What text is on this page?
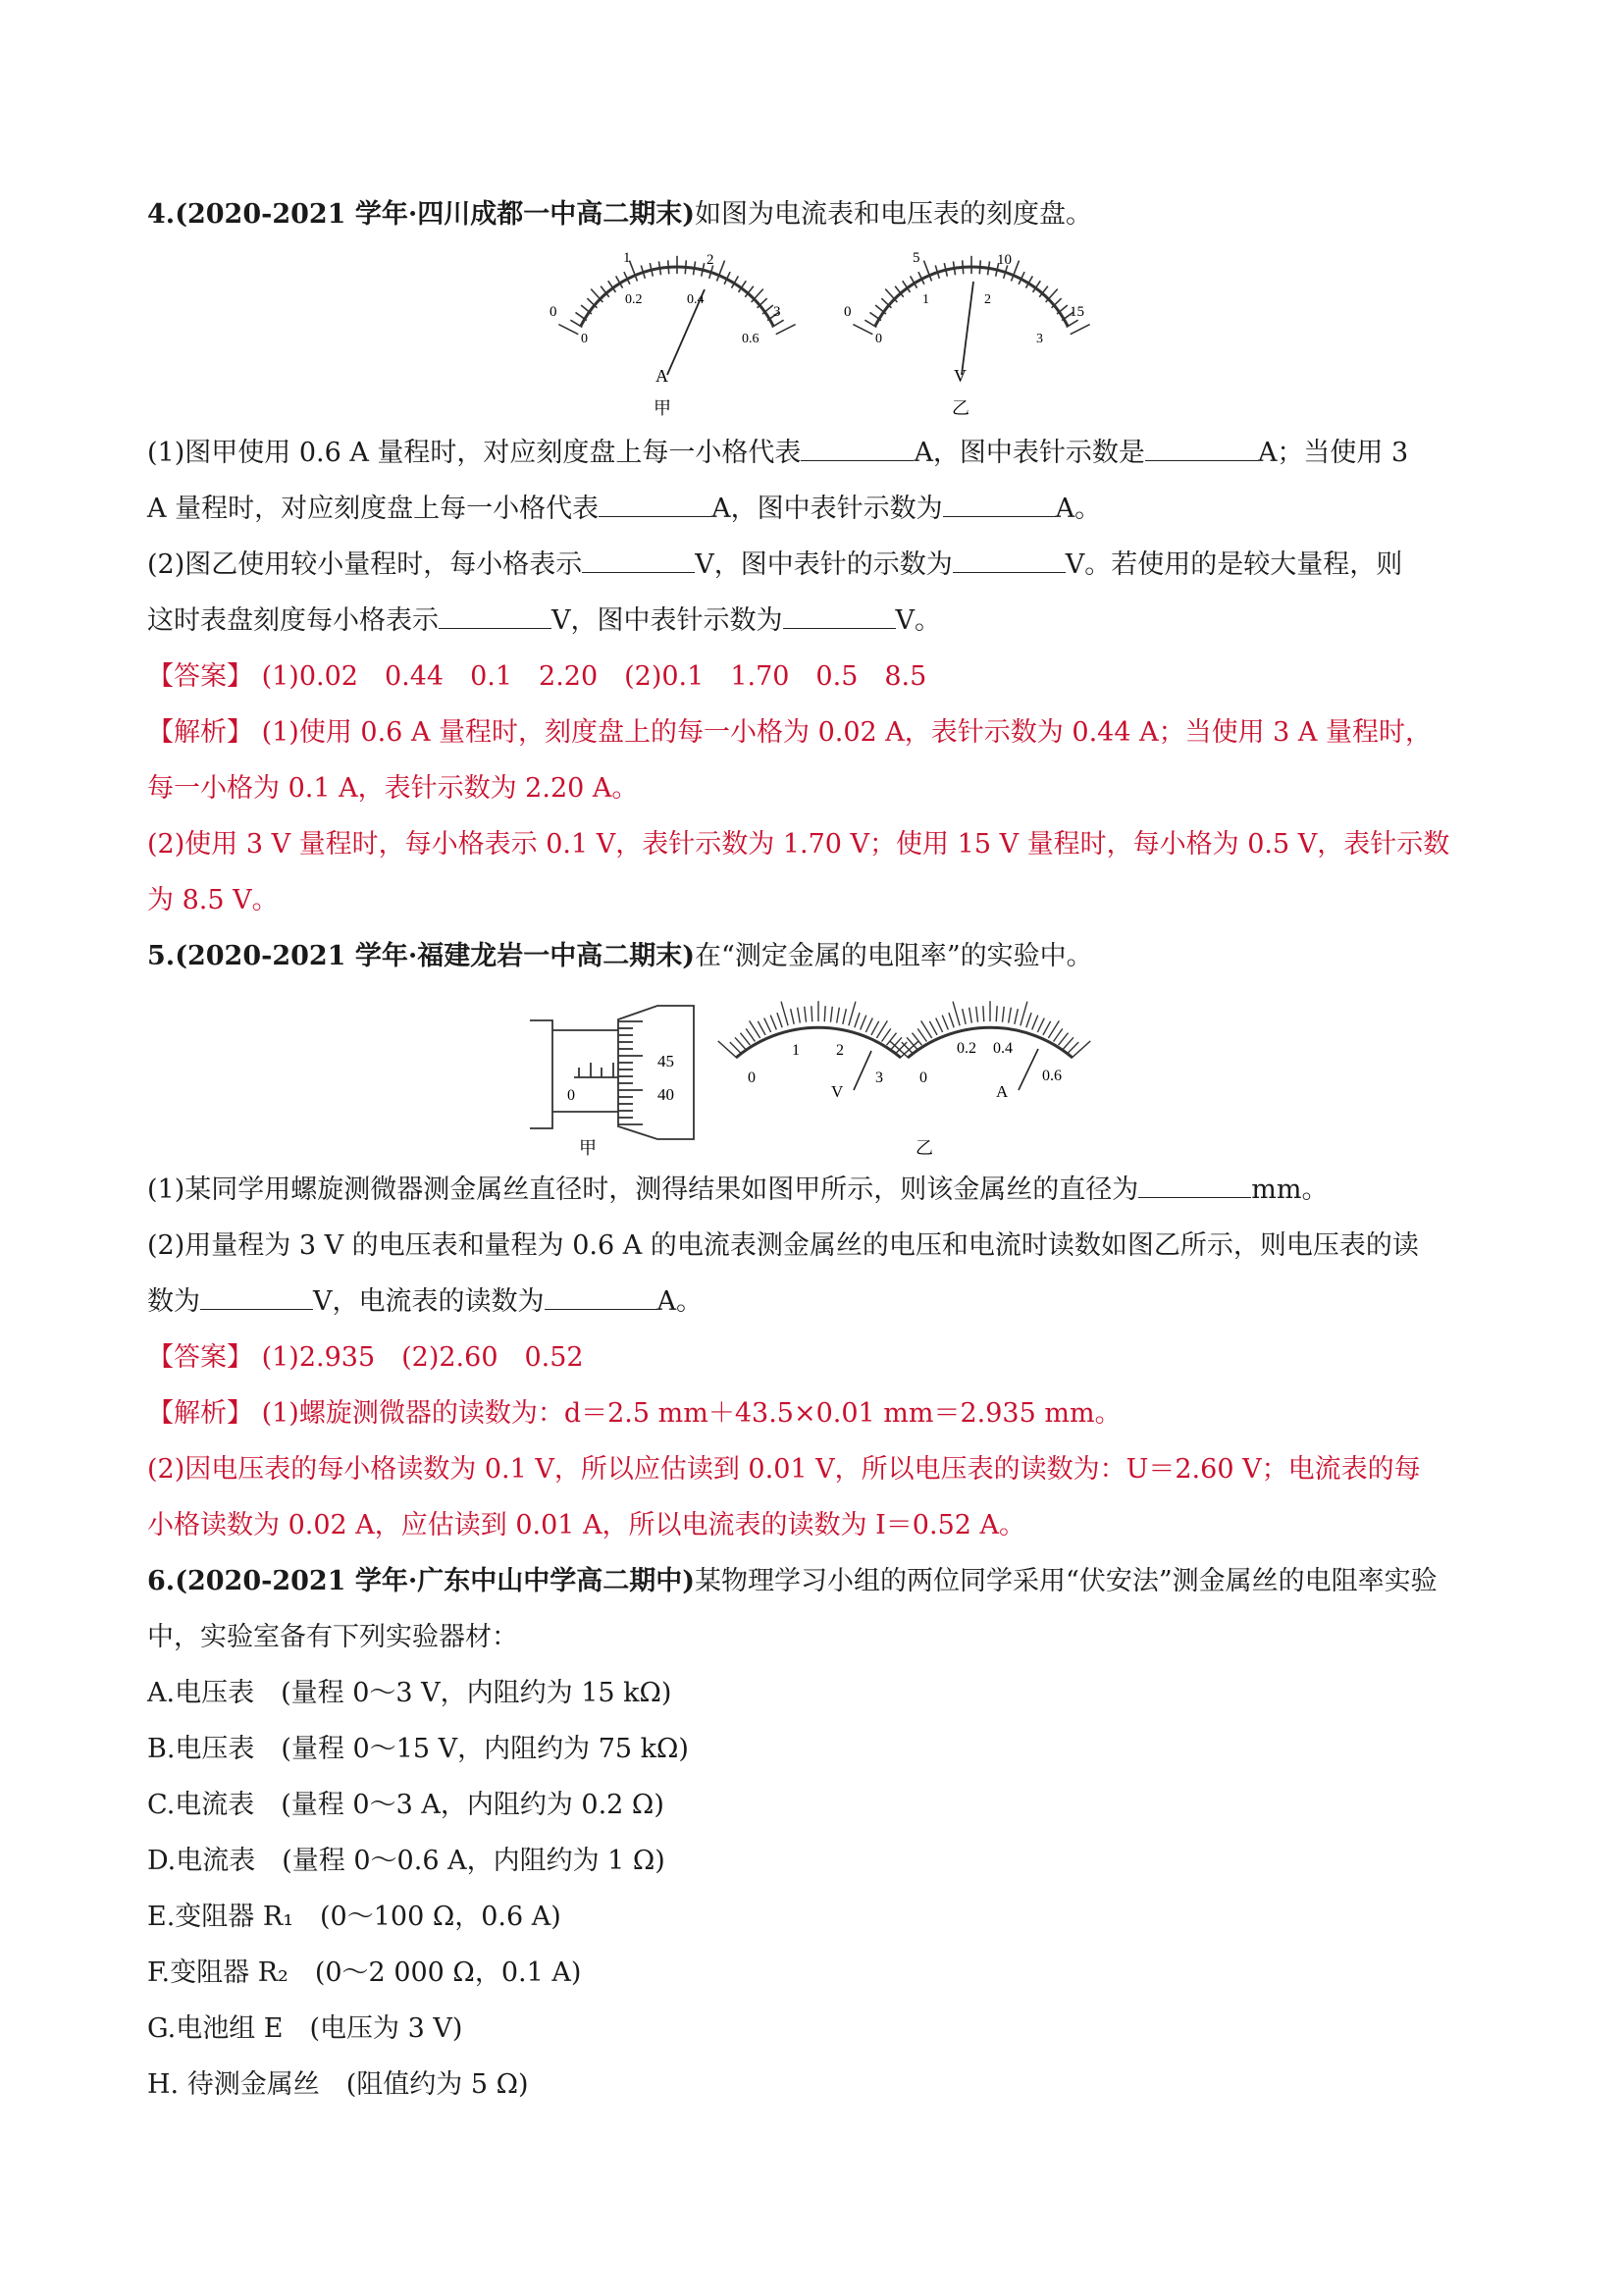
4.(2020-2021 学年·四川成都一中高二期末)如图为电流表和电压表的刻度盘。
1	2
3
0
0
0.2	0.4
0.6
A
甲
5	10
15
0
0
1	2
3
V
乙
(1)图甲使用 0.6 A 量程时，对应刻度盘上每一小格代表	A，图中表针示数是	A；当使用 3
A 量程时，对应刻度盘上每一小格代表	A，图中表针示数为	A。
(2)图乙使用较小量程时，每小格表示	V，图中表针的示数为	V。若使用的是较大量程，则
这时表盘刻度每小格表示	V，图中表针示数为	V。
【答案】 (1)0.02　0.44　0.1　2.20　(2)0.1　1.70　0.5　8.5
【解析】 (1)使用 0.6 A 量程时，刻度盘上的每一小格为 0.02 A，表针示数为 0.44 A；当使用 3 A 量程时，
每一小格为 0.1 A，表针示数为 2.20 A。
(2)使用 3 V 量程时，每小格表示 0.1 V，表针示数为 1.70 V；使用 15 V 量程时，每小格为 0.5 V，表针示数
为 8.5 V。
5.(2020-2021 学年·福建龙岩一中高二期末)在“测定金属的电阻率”的实验中。
45
40
0
甲
0
1 2
3
V
0
0.2 0.4
0.6
A
乙
(1)某同学用螺旋测微器测金属丝直径时，测得结果如图甲所示，则该金属丝的直径为	mm。
(2)用量程为 3 V 的电压表和量程为 0.6 A 的电流表测金属丝的电压和电流时读数如图乙所示，则电压表的读
数为	V，电流表的读数为	A。
【答案】 (1)2.935　(2)2.60　0.52
【解析】 (1)螺旋测微器的读数为：d＝2.5 mm＋43.5×0.01 mm＝2.935 mm。
(2)因电压表的每小格读数为 0.1 V，所以应估读到 0.01 V，所以电压表的读数为：U＝2.60 V；电流表的每
小格读数为 0.02 A，应估读到 0.01 A，所以电流表的读数为 I＝0.52 A。
6.(2020-2021 学年·广东中山中学高二期中)某物理学习小组的两位同学采用“伏安法”测金属丝的电阻率实验
中，实验室备有下列实验器材：
A.电压表　(量程 0～3 V，内阻约为 15 kΩ)
B.电压表　(量程 0～15 V，内阻约为 75 kΩ)
C.电流表　(量程 0～3 A，内阻约为 0.2 Ω)
D.电流表　(量程 0～0.6 A，内阻约为 1 Ω)
E.变阻器 R₁　(0～100 Ω，0.6 A)
F.变阻器 R₂　(0～2 000 Ω，0.1 A)
G.电池组 E　(电压为 3 V)
H. 待测金属丝　(阻值约为 5 Ω)
